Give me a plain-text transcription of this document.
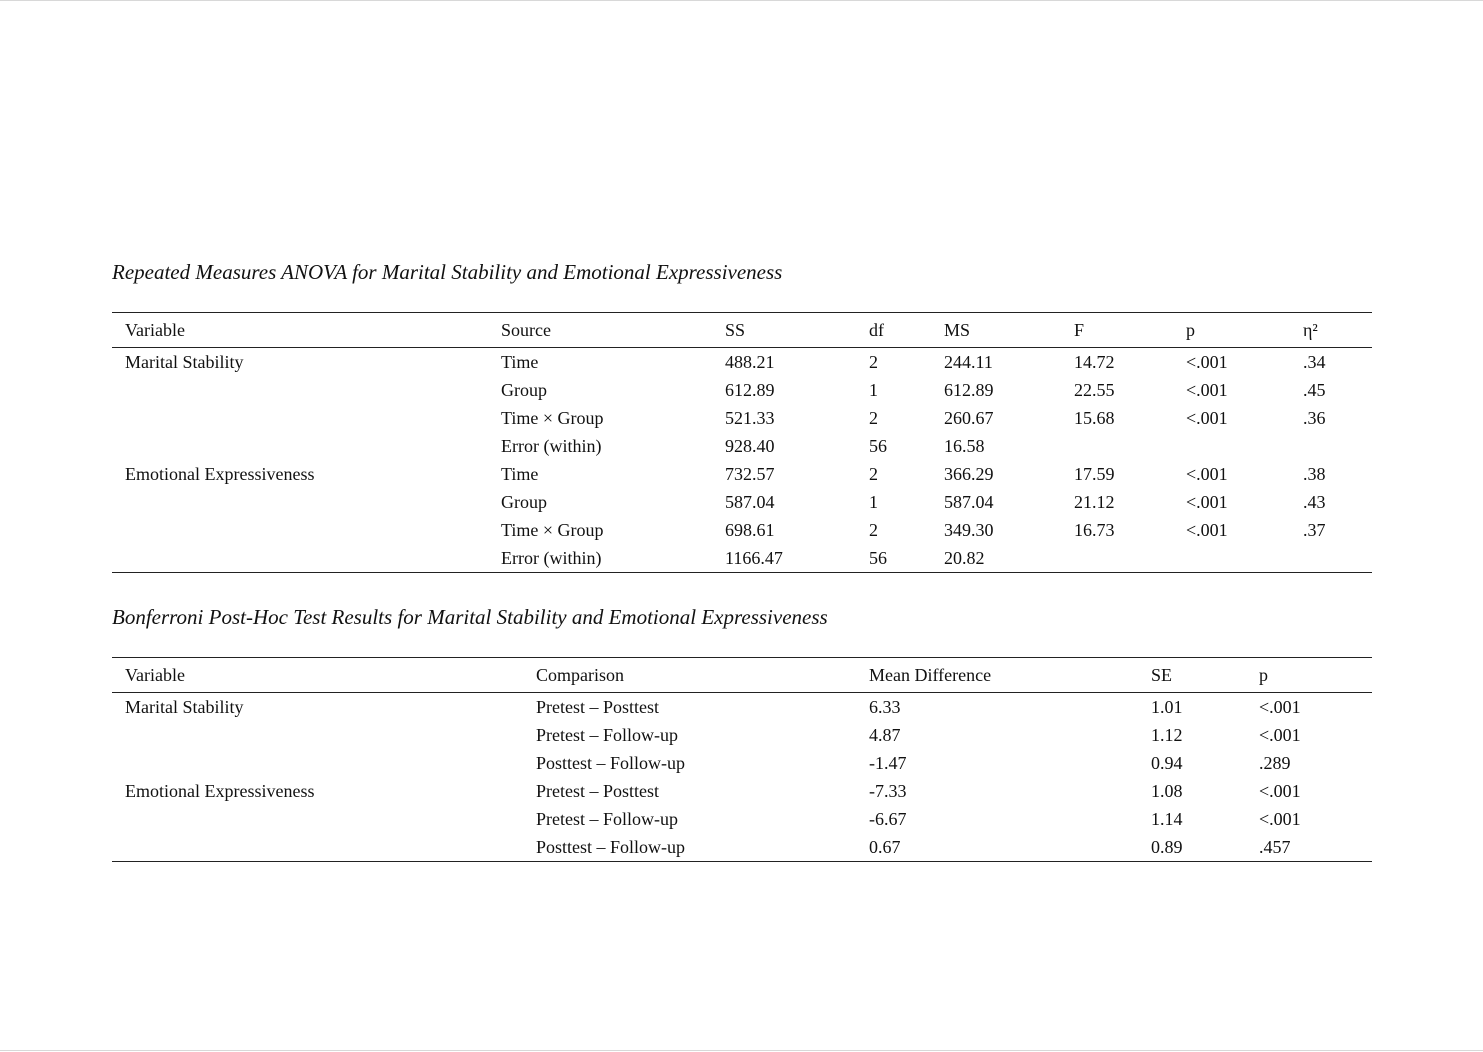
Repeated Measures ANOVA for Marital Stability and Emotional Expressiveness
Variable	Source	SS	df	MS	F	p	η²
Marital Stability	Time	488.21	2	244.11	14.72	<.001	.34
	Group	612.89	1	612.89	22.55	<.001	.45
	Time × Group	521.33	2	260.67	15.68	<.001	.36
	Error (within)	928.40	56	16.58			
Emotional Expressiveness	Time	732.57	2	366.29	17.59	<.001	.38
	Group	587.04	1	587.04	21.12	<.001	.43
	Time × Group	698.61	2	349.30	16.73	<.001	.37
	Error (within)	1166.47	56	20.82			
Bonferroni Post-Hoc Test Results for Marital Stability and Emotional Expressiveness
Variable	Comparison	Mean Difference	SE	p
Marital Stability	Pretest – Posttest	6.33	1.01	<.001
	Pretest – Follow-up	4.87	1.12	<.001
	Posttest – Follow-up	-1.47	0.94	.289
Emotional Expressiveness	Pretest – Posttest	-7.33	1.08	<.001
	Pretest – Follow-up	-6.67	1.14	<.001
	Posttest – Follow-up	0.67	0.89	.457
